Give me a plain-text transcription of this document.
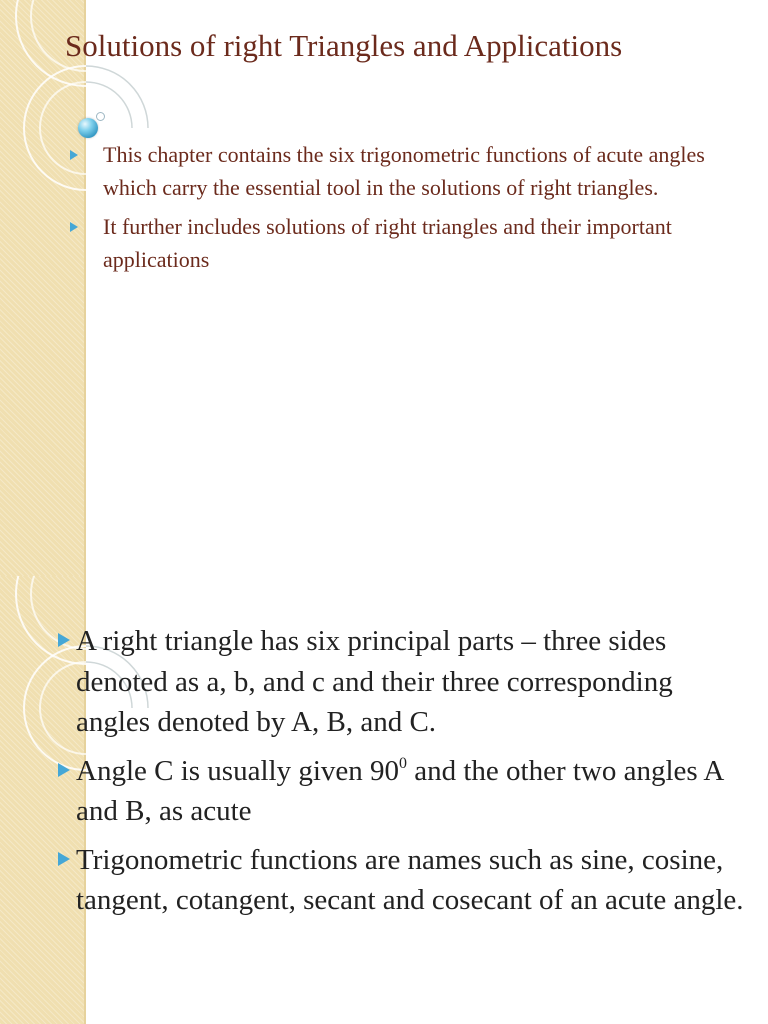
Solutions of right Triangles and Applications
This chapter contains the six trigonometric functions of acute angles which carry the essential tool in the solutions of right triangles.
It further includes solutions of right triangles and their important applications
A right triangle has six principal parts – three sides denoted as a, b, and c and their three corresponding angles denoted by A, B, and C.
Angle C is usually given $90^0$ and the other two angles A and B, as acute
Trigonometric functions are names such as sine, cosine, tangent, cotangent, secant and cosecant of an acute angle.
